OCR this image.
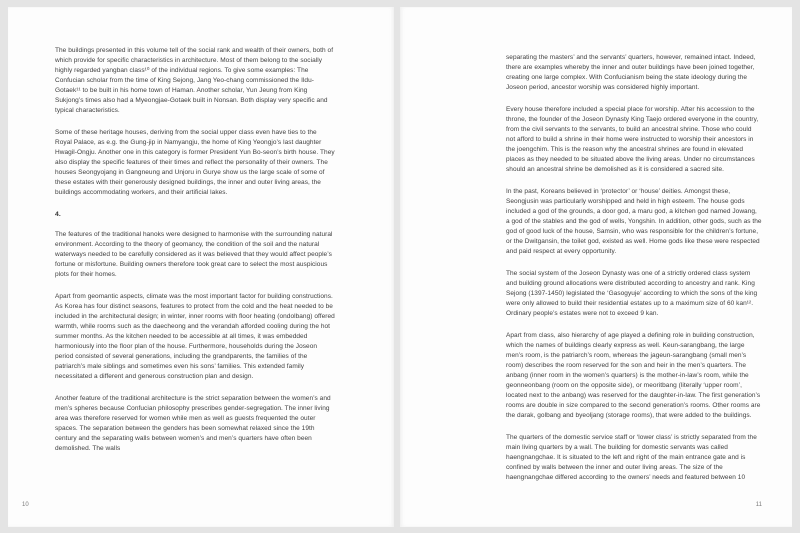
The buildings presented in this volume tell of the social rank and wealth of their owners, both of which provide for specific characteristics in architecture. Most of them belong to the socially highly regarded yangban class¹⁰ of the individual regions. To give some examples: The Confucian scholar from the time of King Sejong, Jang Yeo-chang commissioned the Ildu-Gotaek¹¹ to be built in his home town of Haman. Another scholar, Yun Jeung from King Sukjong’s times also had a Myeongjae-Gotaek built in Nonsan. Both display very specific and typical characteristics.

Some of these heritage houses, deriving from the social upper class even have ties to the Royal Palace, as e.g. the Gung-jip in Namyangju, the home of King Yeongjo’s last daughter Hwagil-Ongju. Another one in this category is former President Yun Bo-seon’s birth house. They also display the specific features of their times and reflect the personality of their owners. The houses Seongyojang in Gangneung and Unjoru in Gurye show us the large scale of some of these estates with their generously designed buildings, the inner and outer living areas, the buildings accommodating workers, and their artificial lakes.

4.

The features of the traditional hanoks were designed to harmonise with the surrounding natural environment. According to the theory of geomancy, the condition of the soil and the natural waterways needed to be carefully considered as it was believed that they would affect people’s fortune or misfortune. Building owners therefore took great care to select the most auspicious plots for their homes.

Apart from geomantic aspects, climate was the most important factor for building constructions. As Korea has four distinct seasons, features to protect from the cold and the heat needed to be included in the architectural design; in winter, inner rooms with floor heating (ondolbang) offered warmth, while rooms such as the daecheong and the verandah afforded cooling during the hot summer months. As the kitchen needed to be accessible at all times, it was embedded harmoniously into the floor plan of the house. Furthermore, households during the Joseon period consisted of several generations, including the grandparents, the families of the patriarch’s male siblings and sometimes even his sons’ families. This extended family necessitated a different and generous construction plan and design.

Another feature of the traditional architecture is the strict separation between the women’s and men’s spheres because Confucian philosophy prescribes gender-segregation. The inner living area was therefore reserved for women while men as well as guests frequented the outer spaces. The separation between the genders has been somewhat relaxed since the 19th century and the separating walls between women’s and men’s quarters have often been demolished. The walls

10

separating the masters’ and the servants’ quarters, however, remained intact. Indeed, there are examples whereby the inner and outer buildings have been joined together, creating one large complex. With Confucianism being the state ideology during the Joseon period, ancestor worship was considered highly important.

Every house therefore included a special place for worship. After his accession to the throne, the founder of the Joseon Dynasty King Taejo ordered everyone in the country, from the civil servants to the servants, to build an ancestral shrine. Those who could not afford to build a shrine in their home were instructed to worship their ancestors in the joengchim. This is the reason why the ancestral shrines are found in elevated places as they needed to be situated above the living areas. Under no circumstances should an ancestral shrine be demolished as it is considered a sacred site.

In the past, Koreans believed in ‘protector’ or ‘house’ deities. Amongst these, Seongjusin was particularly worshipped and held in high esteem. The house gods included a god of the grounds, a door god, a maru god, a kitchen god named Jowang, a god of the stables and the god of wells, Yongshin. In addition, other gods, such as the god of good luck of the house, Samsin, who was responsible for the children’s fortune, or the Dwitgansin, the toilet god, existed as well. Home gods like these were respected and paid respect at every opportunity.

The social system of the Joseon Dynasty was one of a strictly ordered class system and building ground allocations were distributed according to ancestry and rank. King Sejong (1397-1450) legislated the ‘Gasogyuje’ according to which the sons of the king were only allowed to build their residential estates up to a maximum size of 60 kan¹². Ordinary people’s estates were not to exceed 9 kan.

Apart from class, also hierarchy of age played a defining role in building construction, which the names of buildings clearly express as well. Keun-sarangbang, the large men’s room, is the patriarch’s room, whereas the jageun-sarangbang (small men’s room) describes the room reserved for the son and heir in the men’s quarters. The anbang (inner room in the women’s quarters) is the mother-in-law’s room, while the geonneonbang (room on the opposite side), or meoritbang (literally ‘upper room’, located next to the anbang) was reserved for the daughter-in-law. The first generation’s rooms are double in size compared to the second generation’s rooms. Other rooms are the darak, golbang and byeoljang (storage rooms), that were added to the buildings.

The quarters of the domestic service staff or ‘lower class’ is strictly separated from the main living quarters by a wall. The building for domestic servants was called haengnangchae. It is situated to the left and right of the main entrance gate and is confined by walls between the inner and outer living areas. The size of the haengnangchae differed according to the owners’ needs and featured between 10

11
